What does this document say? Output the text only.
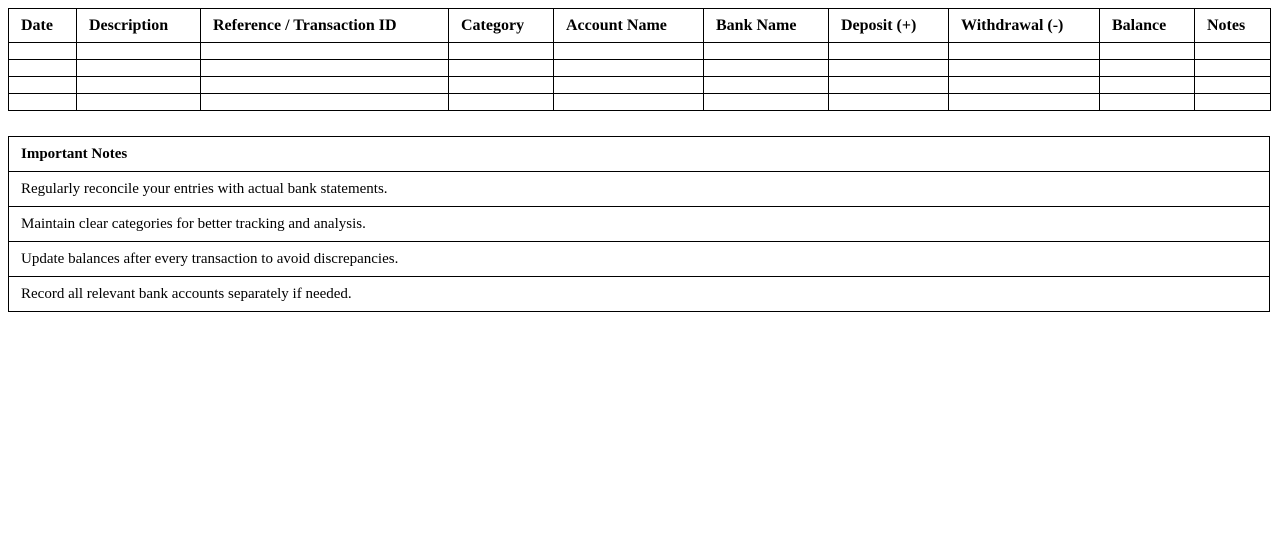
Date	Description	Reference / Transaction ID	Category	Account Name	Bank Name	Deposit (+)	Withdrawal (-)	Balance	Notes

Important Notes
Regularly reconcile your entries with actual bank statements.
Maintain clear categories for better tracking and analysis.
Update balances after every transaction to avoid discrepancies.
Record all relevant bank accounts separately if needed.
